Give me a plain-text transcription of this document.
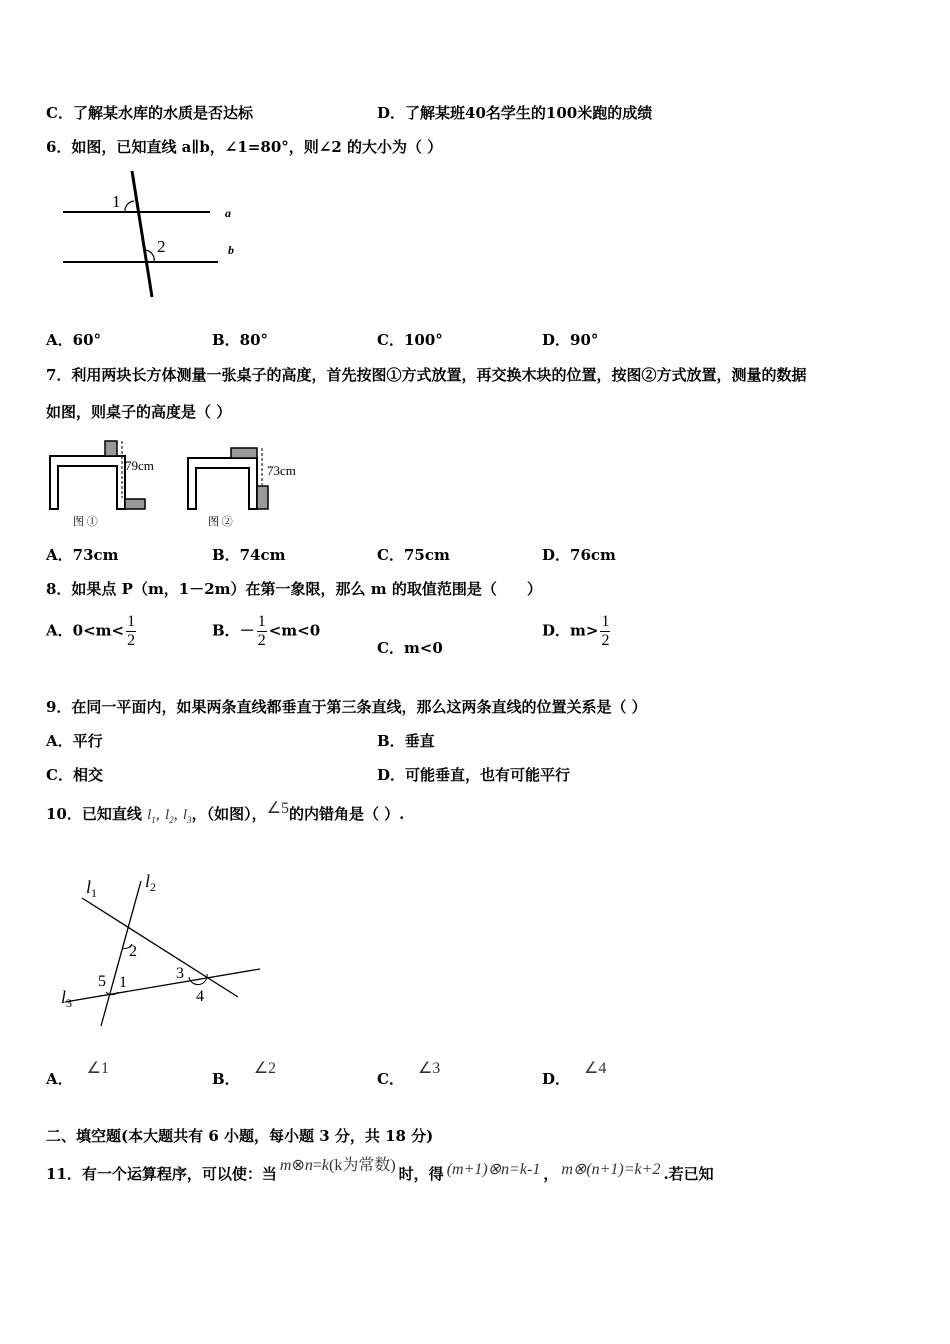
C．了解某水库的水质是否达标	D．了解某班40名学生的100米跑的成绩
6．如图，已知直线 a∥b，∠1=80°，则∠2 的大小为（ ）
1
2
a
b
A．60°	B．80°	C．100°	D．90°
7．利用两块长方体测量一张桌子的高度，首先按图①方式放置，再交换木块的位置，按图②方式放置，测量的数据
如图，则桌子的高度是（ ）
79cm
图 ①
73cm
图 ②
A．73cm	B．74cm	C．75cm	D．76cm
8．如果点 P（m，1－2m）在第一象限，那么 m 的取值范围是（　　）
A．$0<m< \frac{1}{2}$	B．－ $\frac{1}{2} <m<0$
C．m<0
D．$m> \frac{1}{2}$
9．在同一平面内，如果两条直线都垂直于第三条直线，那么这两条直线的位置关系是（ ）
A．平行	B．垂直
C．相交	D．可能垂直，也有可能平行
10．已知直线 $l_1$, $l_2$, $l_3$，（如图），∠5的内错角是（ ）.
$l_1$
$l_2$
$l_3$
2
1
5	3
4
A．∠1
B．∠2
C．∠3
D．∠4
二、填空题(本大题共有 6 小题，每小题 3 分，共 18 分)
11．有一个运算程序，可以使：当 m⊗n=k(k为常数) 时，得 (m+1)⊗n=k-1 ， m⊗(n+1)=k+2 .若已知
